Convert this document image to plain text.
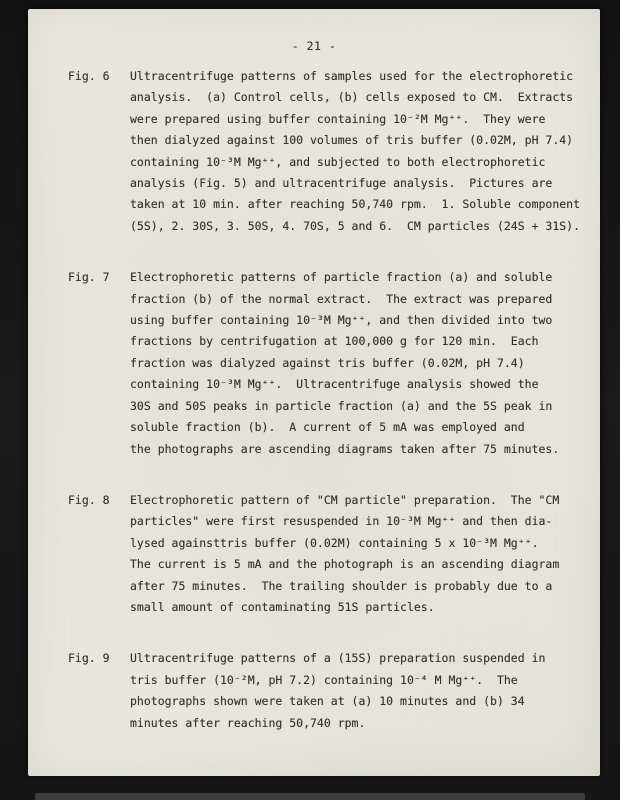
- 21 -
Fig. 6	Ultracentrifuge patterns of samples used for the electrophoretic
analysis.  (a) Control cells, (b) cells exposed to CM.  Extracts
were prepared using buffer containing 10⁻²M Mg⁺⁺.  They were
then dialyzed against 100 volumes of tris buffer (0.02M, pH 7.4)
containing 10⁻³M Mg⁺⁺, and subjected to both electrophoretic
analysis (Fig. 5) and ultracentrifuge analysis.  Pictures are
taken at 10 min. after reaching 50,740 rpm.  1. Soluble component
(5S), 2. 30S, 3. 50S, 4. 70S, 5 and 6.  CM particles (24S + 31S).
Fig. 7	Electrophoretic patterns of particle fraction (a) and soluble
fraction (b) of the normal extract.  The extract was prepared
using buffer containing 10⁻³M Mg⁺⁺, and then divided into two
fractions by centrifugation at 100,000 g for 120 min.  Each
fraction was dialyzed against tris buffer (0.02M, pH 7.4)
containing 10⁻³M Mg⁺⁺.  Ultracentrifuge analysis showed the
30S and 50S peaks in particle fraction (a) and the 5S peak in
soluble fraction (b).  A current of 5 mA was employed and
the photographs are ascending diagrams taken after 75 minutes.
Fig. 8	Electrophoretic pattern of "CM particle" preparation.  The "CM
particles" were first resuspended in 10⁻³M Mg⁺⁺ and then dia-
lysed againsttris buffer (0.02M) containing 5 x 10⁻³M Mg⁺⁺.
The current is 5 mA and the photograph is an ascending diagram
after 75 minutes.  The trailing shoulder is probably due to a
small amount of contaminating 51S particles.
Fig. 9	Ultracentrifuge patterns of a (15S) preparation suspended in
tris buffer (10⁻²M, pH 7.2) containing 10⁻⁴ M Mg⁺⁺.  The
photographs shown were taken at (a) 10 minutes and (b) 34
minutes after reaching 50,740 rpm.
